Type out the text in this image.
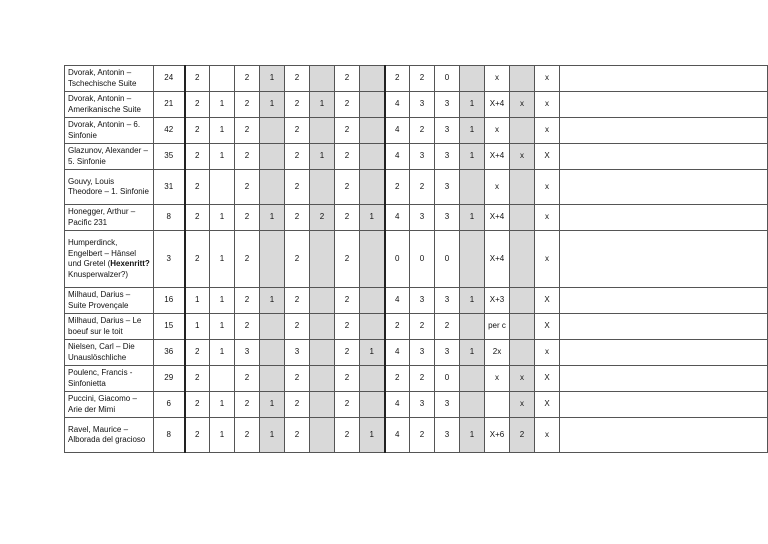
Dvorak, Antonin – Tschechische Suite	24	2		2	1	2		2		2	2	0		x		x	
Dvorak, Antonin – Amerikanische Suite	21	2	1	2	1	2	1	2		4	3	3	1	X+4	x	x	
Dvorak, Antonin – 6. Sinfonie	42	2	1	2		2		2		4	2	3	1	x		x	
Glazunov, Alexander – 5. Sinfonie	35	2	1	2		2	1	2		4	3	3	1	X+4	x	X	
Gouvy, Louis Theodore – 1. Sinfonie	31	2		2		2		2		2	2	3		x		x	
Honegger, Arthur – Pacific 231	8	2	1	2	1	2	2	2	1	4	3	3	1	X+4		x	
Humperdinck, Engelbert – Hänsel und Gretel (Hexenritt? Knusperwalzer?)	3	2	1	2		2		2		0	0	0		X+4		x	
Milhaud, Darius – Suite Provençale	16	1	1	2	1	2		2		4	3	3	1	X+3		X	
Milhaud, Darius – Le boeuf sur le toit	15	1	1	2		2		2		2	2	2		per c		X	
Nielsen, Carl – Die Unauslöschliche	36	2	1	3		3		2	1	4	3	3	1	2x		x	
Poulenc, Francis - Sinfonietta	29	2		2		2		2		2	2	0		x	x	X	
Puccini, Giacomo – Arie der Mimi	6	2	1	2	1	2		2		4	3	3			x	X	
Ravel, Maurice – Alborada del gracioso	8	2	1	2	1	2		2	1	4	2	3	1	X+6	2	x	
